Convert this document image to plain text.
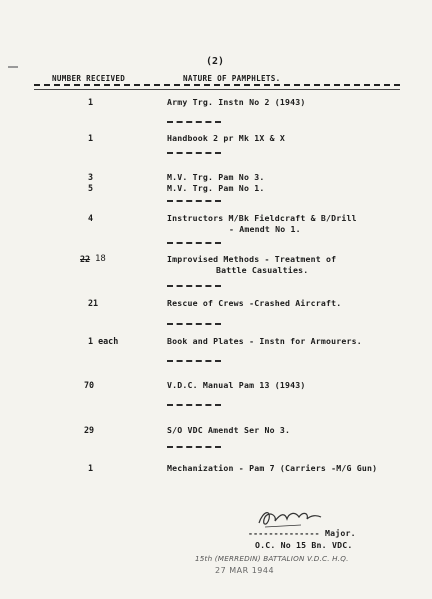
(2)
NUMBER RECEIVED	NATURE OF PAMPHLETS.
1	Army Trg. Instn No 2 (1943)
1	Handbook 2 pr Mk 1X & X
3	M.V. Trg. Pam No 3.
5	M.V. Trg. Pam No 1.
4	Instructors M/Bk Fieldcraft & B/Drill
- Amendt No 1.
22 18	Improvised Methods - Treatment of
Battle Casualties.
21	Rescue of Crews -Crashed Aircraft.
1 each	Book and Plates - Instn for Armourers.
70	V.D.C. Manual Pam 13 (1943)
29	S/O VDC Amendt Ser No 3.
1	Mechanization - Pam 7 (Carriers -M/G Gun)
-------------- Major.
O.C. No 15 Bn. VDC.
15th (MERREDIN) BATTALION V.D.C. H.Q.
27 MAR 1944
